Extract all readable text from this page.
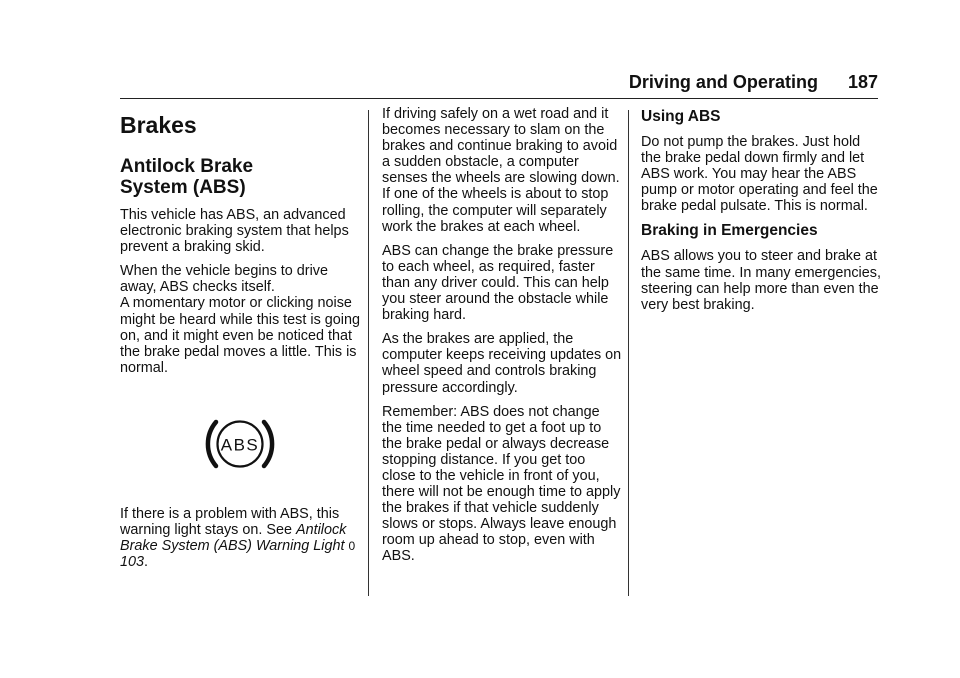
Driving and Operating 187
Brakes
Antilock Brake
System (ABS)

This vehicle has ABS, an advanced electronic braking system that helps prevent a braking skid.

When the vehicle begins to drive away, ABS checks itself.
A momentary motor or clicking noise might be heard while this test is going on, and it might even be noticed that the brake pedal moves a little. This is normal.

ABS

If there is a problem with ABS, this warning light stays on. See Antilock Brake System (ABS) Warning Light 0 103.

If driving safely on a wet road and it becomes necessary to slam on the brakes and continue braking to avoid a sudden obstacle, a computer senses the wheels are slowing down. If one of the wheels is about to stop rolling, the computer will separately work the brakes at each wheel.

ABS can change the brake pressure to each wheel, as required, faster than any driver could. This can help you steer around the obstacle while braking hard.

As the brakes are applied, the computer keeps receiving updates on wheel speed and controls braking pressure accordingly.

Remember: ABS does not change the time needed to get a foot up to the brake pedal or always decrease stopping distance. If you get too close to the vehicle in front of you, there will not be enough time to apply the brakes if that vehicle suddenly slows or stops. Always leave enough room up ahead to stop, even with ABS.

Using ABS

Do not pump the brakes. Just hold the brake pedal down firmly and let ABS work. You may hear the ABS pump or motor operating and feel the brake pedal pulsate. This is normal.

Braking in Emergencies

ABS allows you to steer and brake at the same time. In many emergencies, steering can help more than even the very best braking.
